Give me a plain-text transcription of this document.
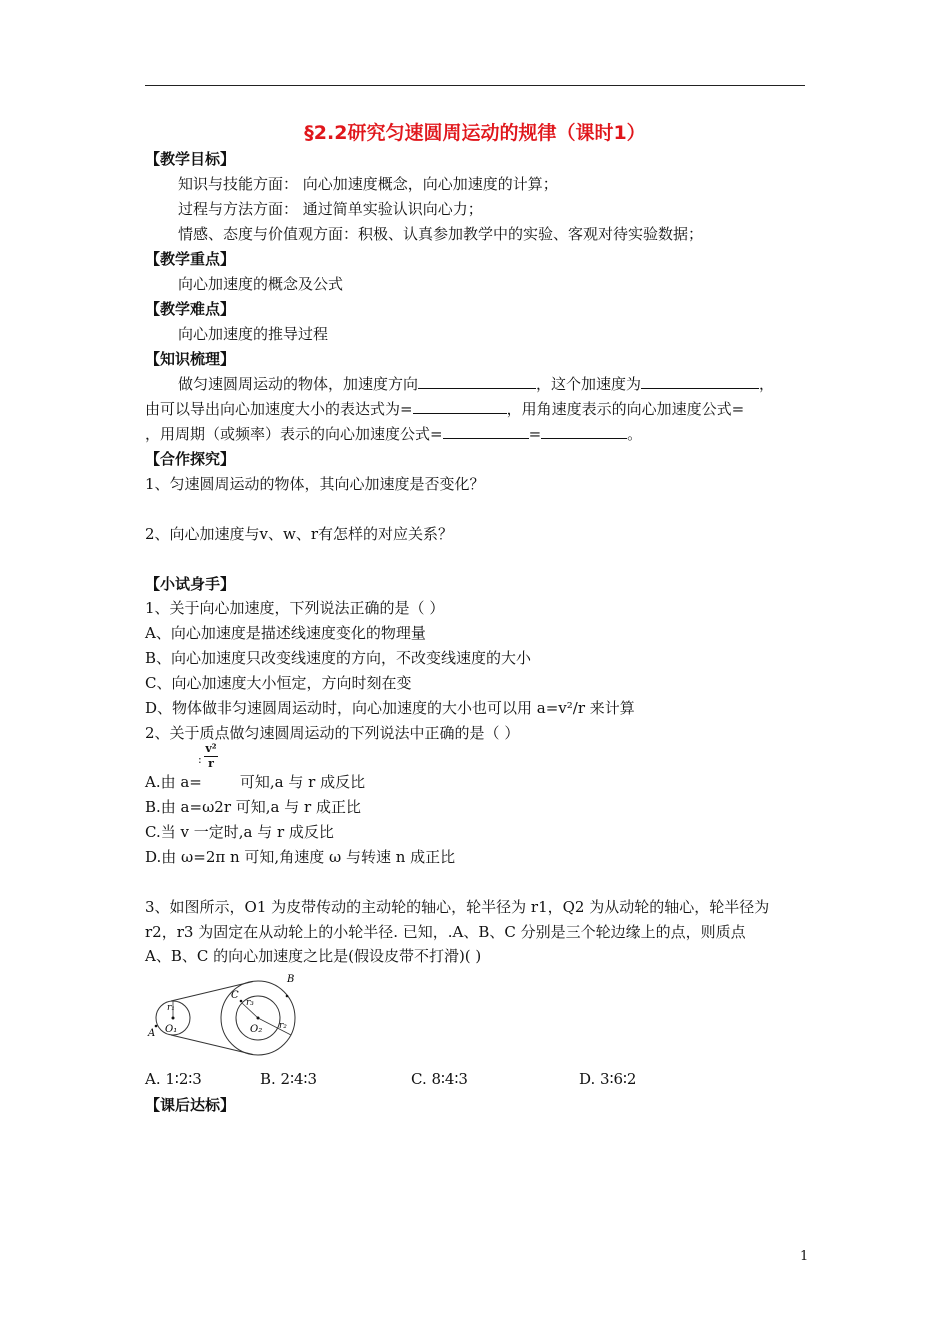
§2.2研究匀速圆周运动的规律（课时1）
【教学目标】
知识与技能方面： 向心加速度概念，向心加速度的计算；
过程与方法方面： 通过简单实验认识向心力；
情感、态度与价值观方面：积极、认真参加教学中的实验、客观对待实验数据；
【教学重点】
向心加速度的概念及公式
【教学难点】
向心加速度的推导过程
【知识梳理】
做匀速圆周运动的物体，加速度方向	，这个加速度为	，
由可以导出向心加速度大小的表达式为=	，用角速度表示的向心加速度公式=
，用周期（或频率）表示的向心加速度公式=	=	。
【合作探究】
1、匀速圆周运动的物体，其向心加速度是否变化？
2、向心加速度与v、w、r有怎样的对应关系？
【小试身手】
1、关于向心加速度，下列说法正确的是（ ）
A、向心加速度是描述线速度变化的物理量
B、向心加速度只改变线速度的方向，不改变线速度的大小
C、向心加速度大小恒定，方向时刻在变
D、物体做非匀速圆周运动时，向心加速度的大小也可以用 a=v²/r 来计算
2、关于质点做匀速圆周运动的下列说法中正确的是（ ）
:
v²
r
A.由 a=	可知,a 与 r 成反比
B.由 a=ω2r 可知,a 与 r 成正比
C.当 v 一定时,a 与 r 成反比
D.由 ω=2π n 可知,角速度 ω 与转速 n 成正比
3、如图所示，O1 为皮带传动的主动轮的轴心，轮半径为 r1，Q2 为从动轮的轴心，轮半径为
r2，r3 为固定在从动轮上的小轮半径. 已知，.A、B、C 分别是三个轮边缘上的点，则质点
A、B、C 的向心加速度之比是(假设皮带不打滑)( )
A
B
C
O₁	O₂
r₁	r₃
r₂
A. 1∶2∶3	B. 2∶4∶3	C. 8∶4∶3	D. 3∶6∶2
【课后达标】
1
